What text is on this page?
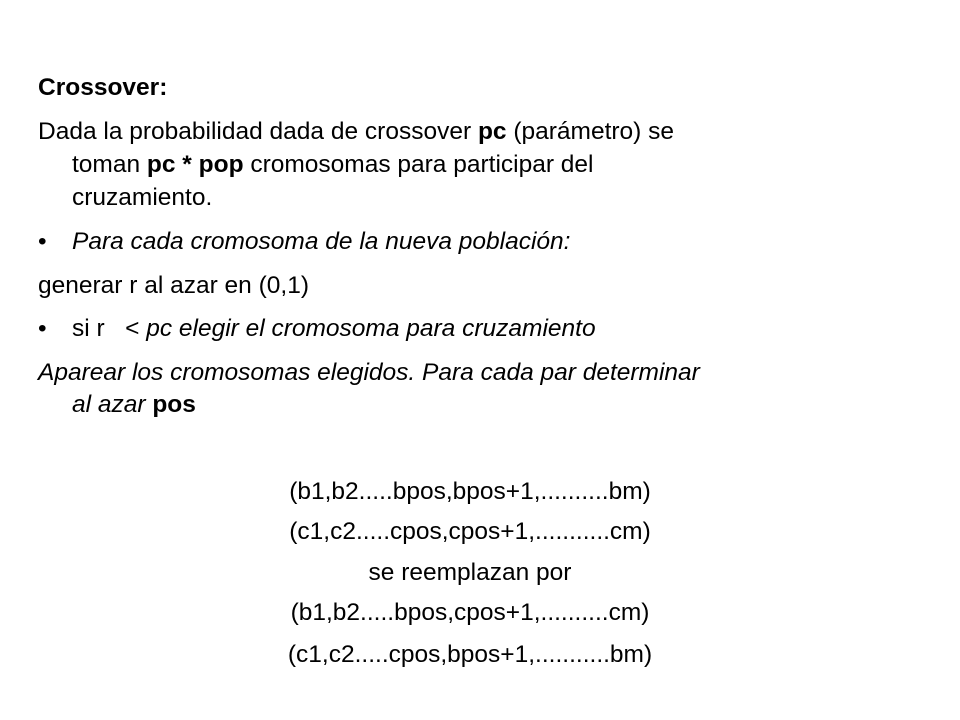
Crossover:
Dada la probabilidad dada de crossover pc (parámetro) se
toman pc * pop cromosomas para participar del
cruzamiento.
• Para cada cromosoma de la nueva población:
generar r al azar en (0,1)
• si r   < pc elegir el cromosoma para cruzamiento
Aparear los cromosomas elegidos. Para cada par determinar
al azar pos
(b1,b2.....bpos,bpos+1,..........bm)
(c1,c2.....cpos,cpos+1,...........cm)
se reemplazan por
(b1,b2.....bpos,cpos+1,..........cm)
(c1,c2.....cpos,bpos+1,...........bm)
